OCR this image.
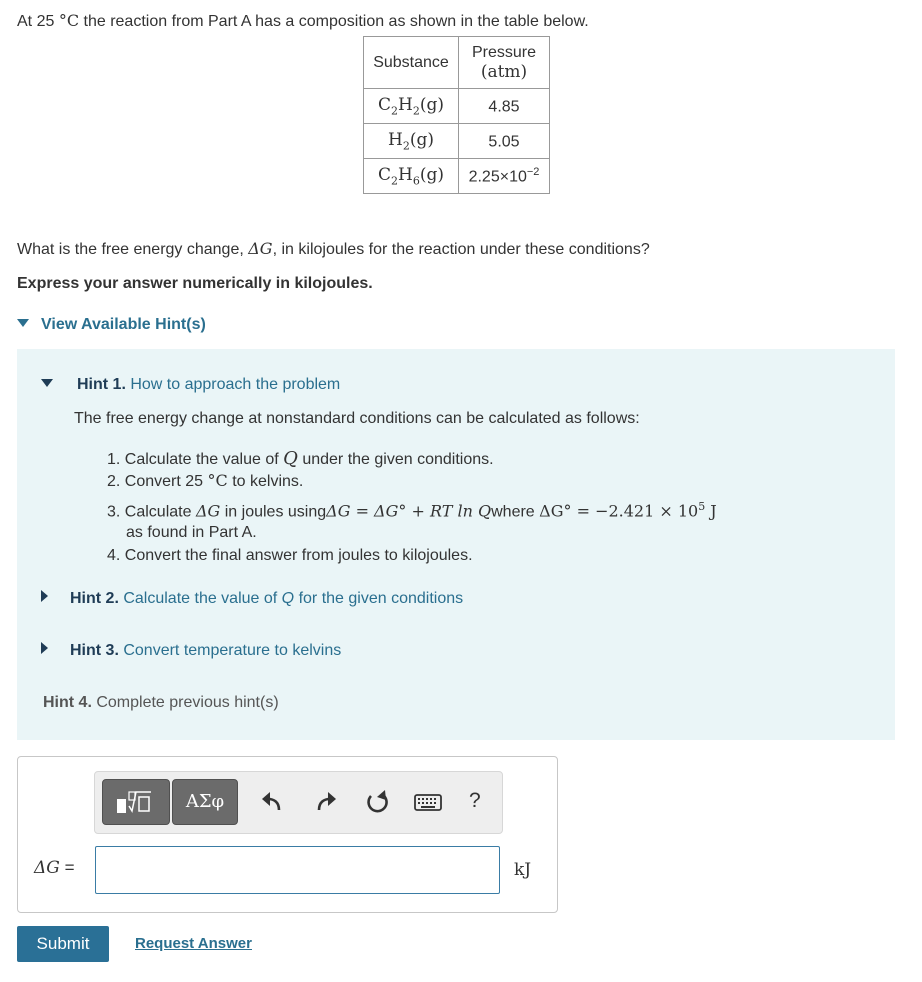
At 25 °C the reaction from Part A has a composition as shown in the table below.
Substance	Pressure
(atm)

$C_2H_2(g)$	4.85
$H_2(g)$	5.05
$C_2H_6(g)$	$2.25\times 10^{-2}$
What is the free energy change, ΔG, in kilojoules for the reaction under these conditions?
Express your answer numerically in kilojoules.
View Available Hint(s)
Hint 1. How to approach the problem
The free energy change at nonstandard conditions can be calculated as follows:
1. Calculate the value of Q under the given conditions.
2. Convert 25 °C to kelvins.
3. Calculate ΔG in joules usingΔG = ΔG° + RT ln Qwhere $\Delta G^\circ = -2.421 \times 10^5$ J
as found in Part A.
4. Convert the final answer from joules to kilojoules.
Hint 2. Calculate the value of Q for the given conditions
Hint 3. Convert temperature to kelvins
Hint 4. Complete previous hint(s)
ΑΣφ	?
ΔG =	kJ
Submit	Request Answer
